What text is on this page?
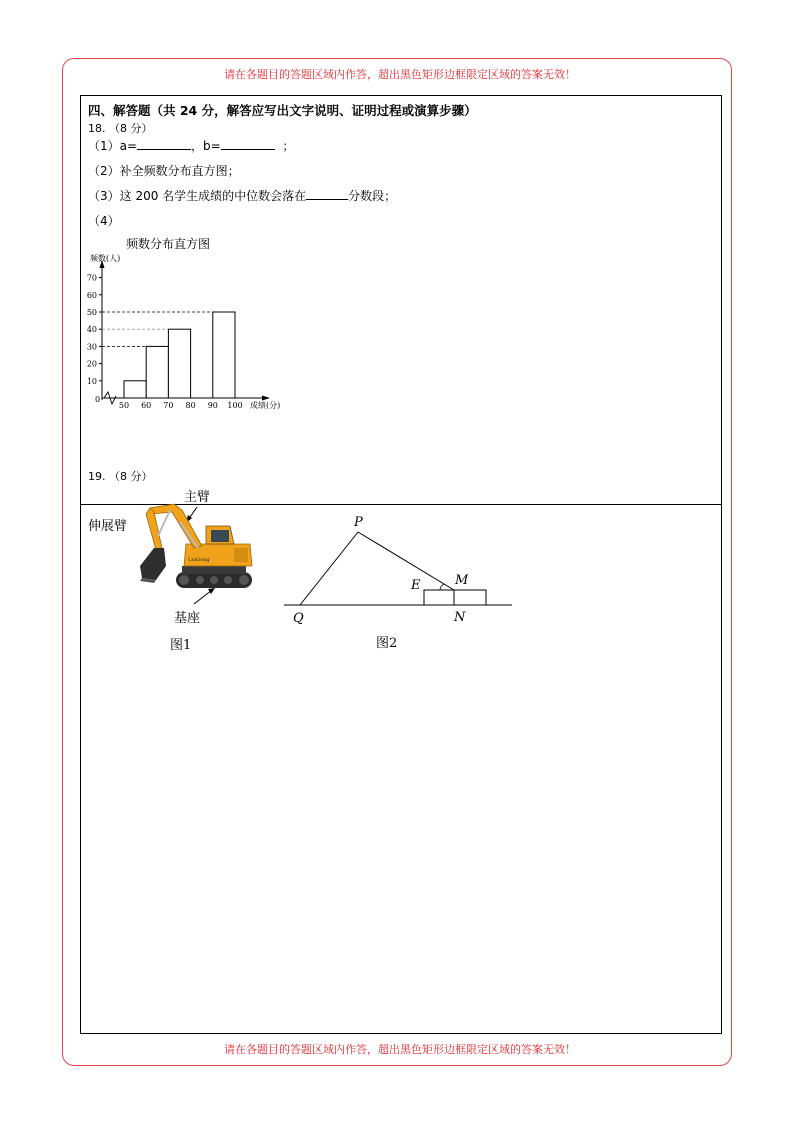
请在各题目的答题区域内作答，超出黑色矩形边框限定区域的答案无效！
请在各题目的答题区域内作答，超出黑色矩形边框限定区域的答案无效！
四、解答题（共 24 分，解答应写出文字说明、证明过程或演算步骤）
18. （8 分）
（1）a=	，b=	；
（2）补全频数分布直方图；
（3）这 200 名学生成绩的中位数会落在	分数段；
（4）
频数分布直方图
频数(人)
成绩(分)
0
10
20
30
40
50
60
70
50 60 70 80 90 100
19. （8 分）
主臂
伸展臂
基座
图1
LiuGong
P
E	M
Q	N
图2
